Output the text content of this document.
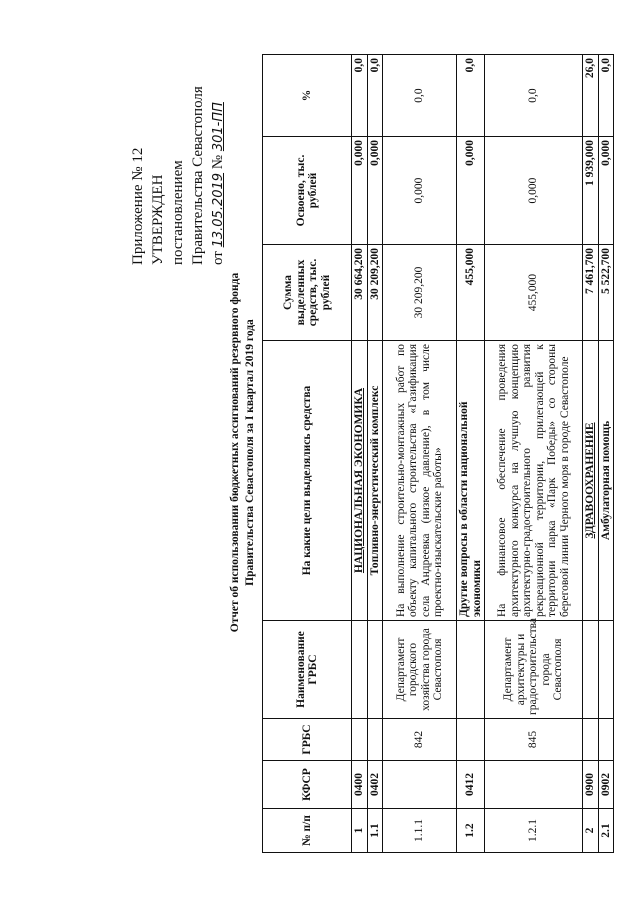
Приложение № 12 УТВЕРЖДЕН постановлением Правительства Севастополя от 13.05.2019 № 301-ПП
Отчет об использовании бюджетных ассигнований резервного фонда Правительства Севастополя за I квартал 2019 года
№ п/п	КФСР	ГРБС	Наименование ГРБС	На какие цели выделялись средства	Сумма выделенных средств, тыс. рублей	Освоено, тыс. рублей	%
1	0400			НАЦИОНАЛЬНАЯ ЭКОНОМИКА	30 664,200	0,000	0,0
1.1	0402			Топливно-энергетический комплекс	30 209,200	0,000	0,0
1.1.1		842	Департамент городского хозяйства города Севастополя	На выполнение строительно-монтажных работ по объекту капитального строительства «Газификация села Андреевка (низкое давление), в том числе проектно-изыскательские работы»	30 209,200	0,000	0,0
1.2	0412			Другие вопросы в области национальной экономики	455,000	0,000	0,0
1.2.1		845	Департамент архитектуры и градостроительства города Севастополя	На финансовое обеспечение проведения архитектурного конкурса на лучшую концепцию архитектурно-градостроительного развития рекреационной территории, прилегающей к территории парка «Парк Победы» со стороны береговой линии Черного моря в городе Севастополе	455,000	0,000	0,0
2	0900			ЗДРАВООХРАНЕНИЕ	7 461,700	1 939,000	26,0
2.1	0902			Амбулаторная помощь	5 522,700	0,000	0,0
